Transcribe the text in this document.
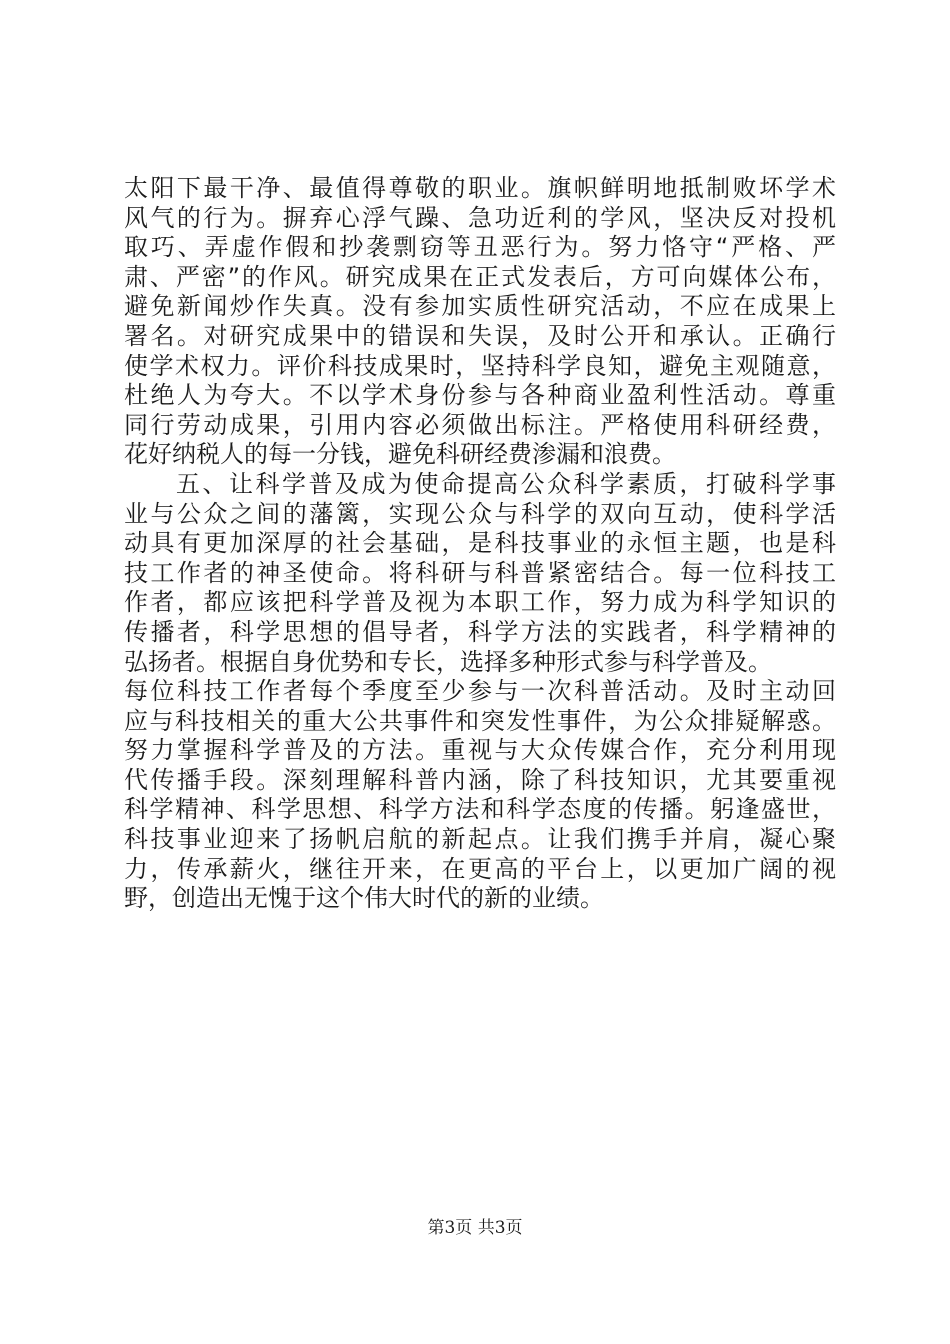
太阳下最干净、最值得尊敬的职业。旗帜鲜明地抵制败坏学术
风气的行为。摒弃心浮气躁、急功近利的学风，坚决反对投机
取巧、弄虚作假和抄袭剽窃等丑恶行为。努力恪守“严格、严
肃、严密”的作风。研究成果在正式发表后，方可向媒体公布，
避免新闻炒作失真。没有参加实质性研究活动，不应在成果上
署名。对研究成果中的错误和失误，及时公开和承认。正确行
使学术权力。评价科技成果时，坚持科学良知，避免主观随意，
杜绝人为夸大。不以学术身份参与各种商业盈利性活动。尊重
同行劳动成果，引用内容必须做出标注。严格使用科研经费，
花好纳税人的每一分钱，避免科研经费渗漏和浪费。
五、让科学普及成为使命提高公众科学素质，打破科学事
业与公众之间的藩篱，实现公众与科学的双向互动，使科学活
动具有更加深厚的社会基础，是科技事业的永恒主题，也是科
技工作者的神圣使命。将科研与科普紧密结合。每一位科技工
作者，都应该把科学普及视为本职工作，努力成为科学知识的
传播者，科学思想的倡导者，科学方法的实践者，科学精神的
弘扬者。根据自身优势和专长，选择多种形式参与科学普及。
每位科技工作者每个季度至少参与一次科普活动。及时主动回
应与科技相关的重大公共事件和突发性事件，为公众排疑解惑。
努力掌握科学普及的方法。重视与大众传媒合作，充分利用现
代传播手段。深刻理解科普内涵，除了科技知识，尤其要重视
科学精神、科学思想、科学方法和科学态度的传播。躬逢盛世，
科技事业迎来了扬帆启航的新起点。让我们携手并肩，凝心聚
力，传承薪火，继往开来，在更高的平台上，以更加广阔的视
野，创造出无愧于这个伟大时代的新的业绩。
第3页 共3页
